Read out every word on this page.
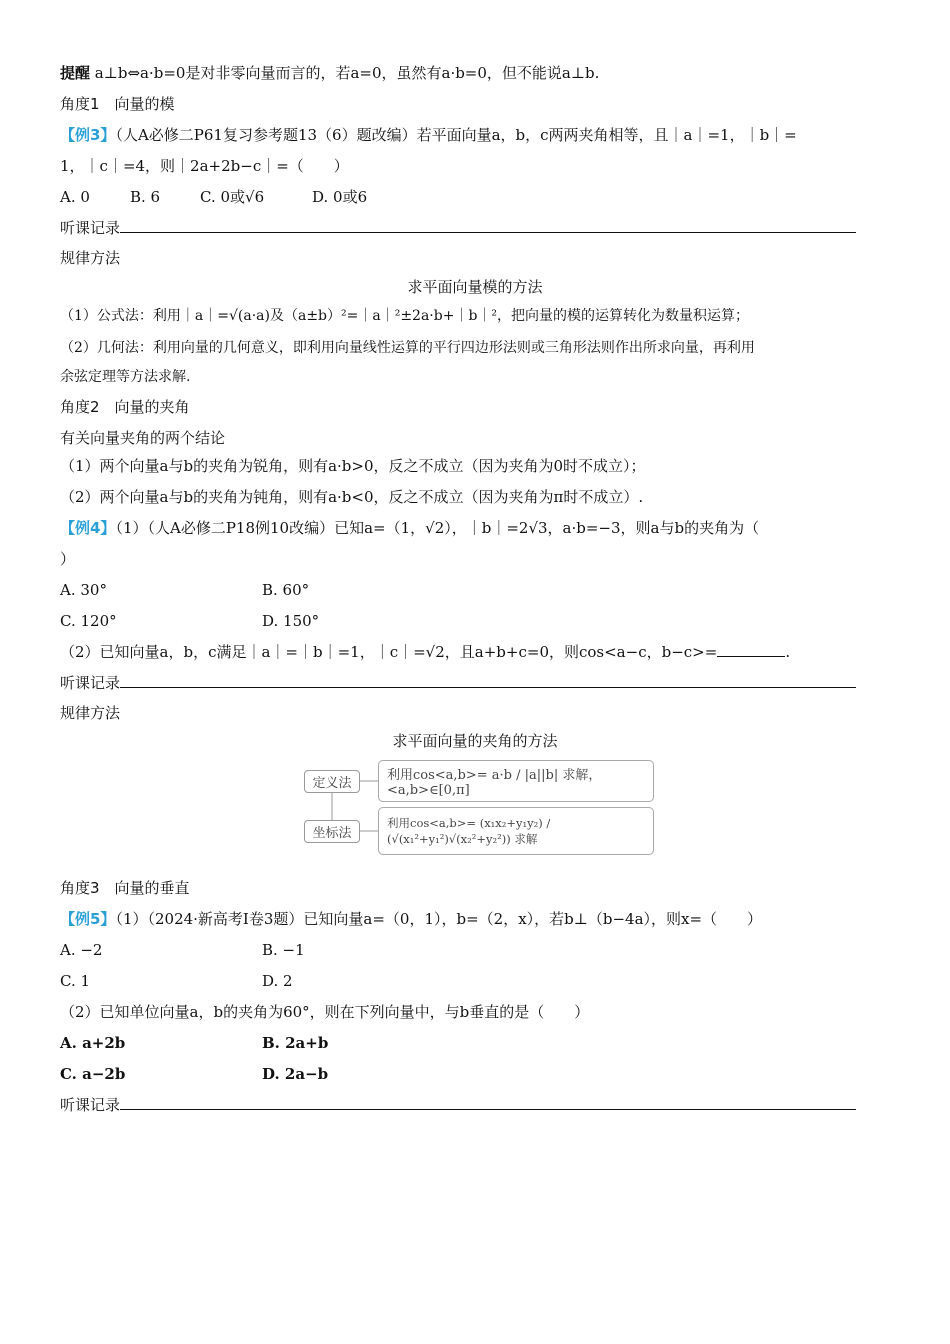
提醒 a⊥b⇔a·b=0是对非零向量而言的，若a=0，虽然有a·b=0，但不能说a⊥b.
角度1　向量的模
【例3】（人A必修二P61复习参考题13（6）题改编）若平面向量a，b，c两两夹角相等，且｜a｜=1，｜b｜=
1，｜c｜=4，则｜2a+2b−c｜=（　　）
A. 0	B. 6	C. 0或√6	D. 0或6
听课记录
规律方法
求平面向量模的方法
（1）公式法：利用｜a｜=√(a·a)及（a±b）²=｜a｜²±2a·b+｜b｜²，把向量的模的运算转化为数量积运算；
（2）几何法：利用向量的几何意义，即利用向量线性运算的平行四边形法则或三角形法则作出所求向量，再利用
余弦定理等方法求解.
角度2　向量的夹角
有关向量夹角的两个结论
（1）两个向量a与b的夹角为锐角，则有a·b>0，反之不成立（因为夹角为0时不成立）；
（2）两个向量a与b的夹角为钝角，则有a·b<0，反之不成立（因为夹角为π时不成立）.
【例4】（1）（人A必修二P18例10改编）已知a=（1，√2），｜b｜=2√3，a·b=−3，则a与b的夹角为（
）
A. 30°	B. 60°
C. 120°	D. 150°
（2）已知向量a，b，c满足｜a｜=｜b｜=1，｜c｜=√2，且a+b+c=0，则cos<a−c，b−c>=	.
听课记录
规律方法
求平面向量的夹角的方法
定义法
利用cos<a,b>= a·b / |a||b| 求解，<a,b>∈[0,π]
坐标法
利用cos<a,b>= (x₁x₂+y₁y₂) / (√(x₁²+y₁²)√(x₂²+y₂²)) 求解
角度3　向量的垂直
【例5】（1）（2024·新高考Ⅰ卷3题）已知向量a=（0，1），b=（2，x），若b⊥（b−4a），则x=（　　）
A. −2	B. −1
C. 1	D. 2
（2）已知单位向量a，b的夹角为60°，则在下列向量中，与b垂直的是（　　）
A. a+2b	B. 2a+b
C. a−2b	D. 2a−b
听课记录
